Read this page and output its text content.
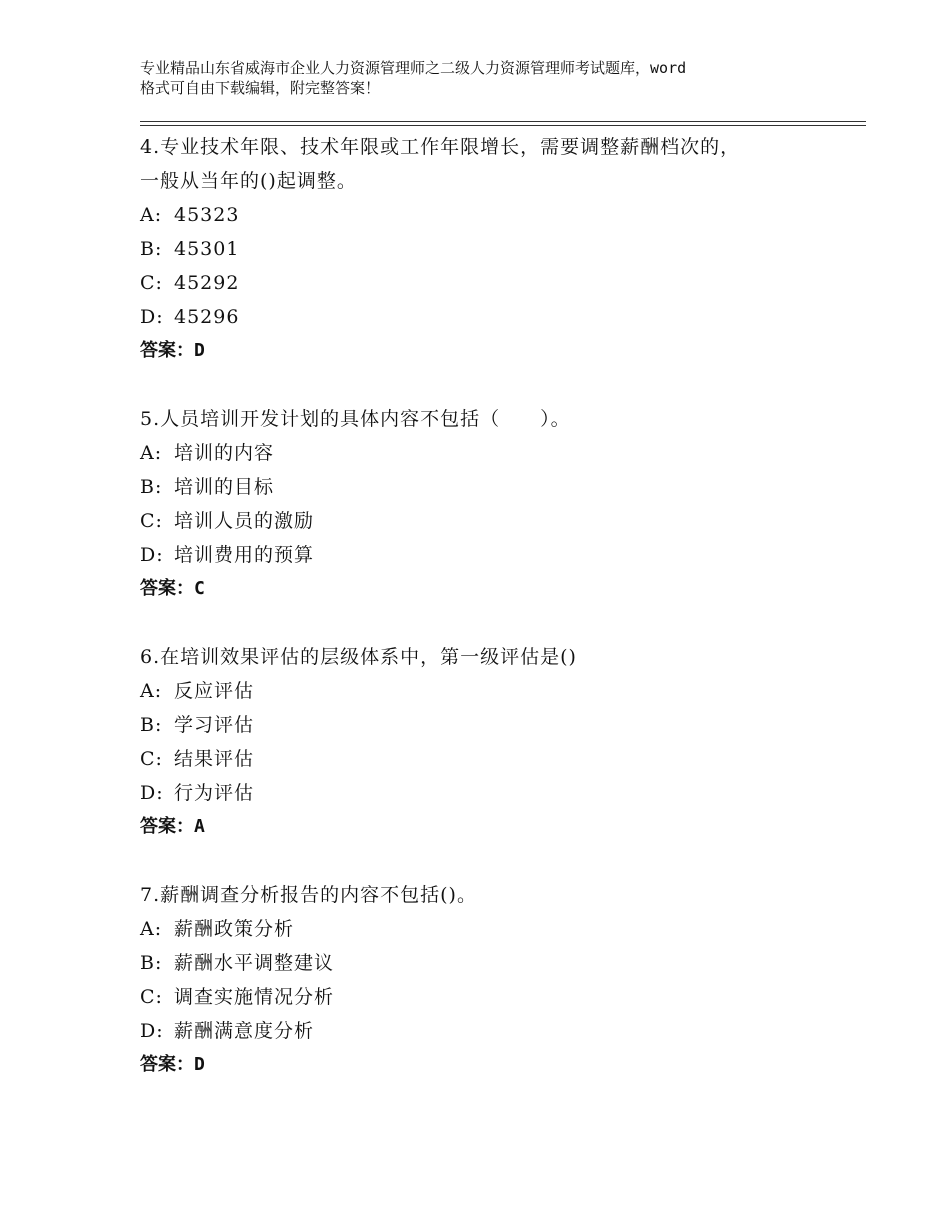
专业精品山东省威海市企业人力资源管理师之二级人力资源管理师考试题库，word
格式可自由下载编辑，附完整答案！
4.专业技术年限、技术年限或工作年限增长，需要调整薪酬档次的，
一般从当年的()起调整。
A: 45323
B: 45301
C: 45292
D: 45296
答案：D
5.人员培训开发计划的具体内容不包括（　　）。
A: 培训的内容
B: 培训的目标
C: 培训人员的激励
D: 培训费用的预算
答案：C
6.在培训效果评估的层级体系中，第一级评估是()
A: 反应评估
B: 学习评估
C: 结果评估
D: 行为评估
答案：A
7.薪酬调查分析报告的内容不包括()。
A: 薪酬政策分析
B: 薪酬水平调整建议
C: 调查实施情况分析
D: 薪酬满意度分析
答案：D
